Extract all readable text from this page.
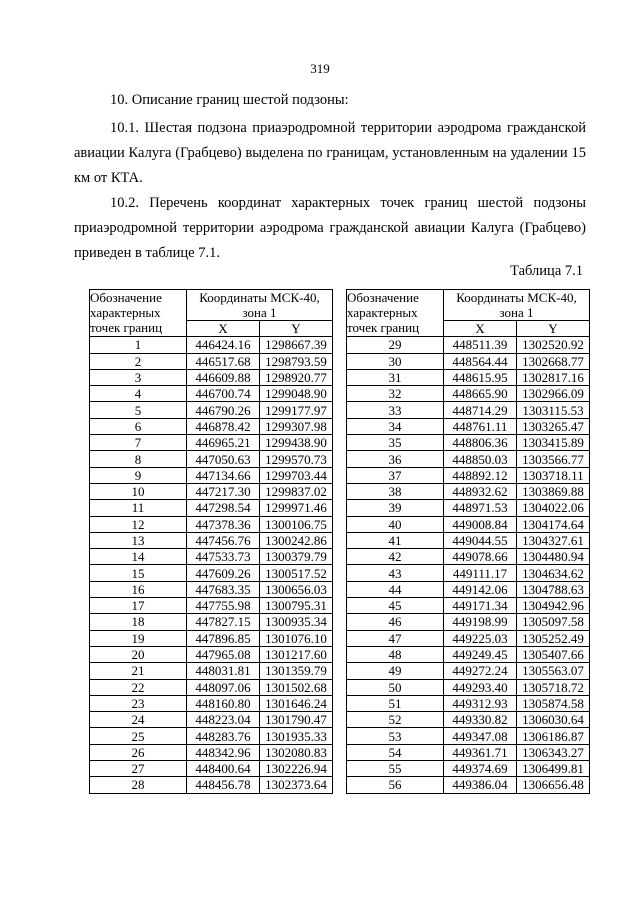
319
10. Описание границ шестой подзоны:
10.1. Шестая подзона приаэродромной территории аэродрома гражданской авиации Калуга (Грабцево) выделена по границам, установленным на удалении 15 км от КТА.
10.2. Перечень координат характерных точек границ шестой подзоны приаэродромной территории аэродрома гражданской авиации Калуга (Грабцево) приведен в таблице 7.1.
Таблица 7.1
Обозначение
характерных
точек границ	Координаты МСК-40,
зона 1	
	X	Y
1	446424.16	1298667.39
2	446517.68	1298793.59
3	446609.88	1298920.77
4	446700.74	1299048.90
5	446790.26	1299177.97
6	446878.42	1299307.98
7	446965.21	1299438.90
8	447050.63	1299570.73
9	447134.66	1299703.44
10	447217.30	1299837.02
11	447298.54	1299971.46
12	447378.36	1300106.75
13	447456.76	1300242.86
14	447533.73	1300379.79
15	447609.26	1300517.52
16	447683.35	1300656.03
17	447755.98	1300795.31
18	447827.15	1300935.34
19	447896.85	1301076.10
20	447965.08	1301217.60
21	448031.81	1301359.79
22	448097.06	1301502.68
23	448160.80	1301646.24
24	448223.04	1301790.47
25	448283.76	1301935.33
26	448342.96	1302080.83
27	448400.64	1302226.94
28	448456.78	1302373.64
Обозначение
характерных
точек границ	Координаты МСК-40,
зона 1	
	X	Y
29	448511.39	1302520.92
30	448564.44	1302668.77
31	448615.95	1302817.16
32	448665.90	1302966.09
33	448714.29	1303115.53
34	448761.11	1303265.47
35	448806.36	1303415.89
36	448850.03	1303566.77
37	448892.12	1303718.11
38	448932.62	1303869.88
39	448971.53	1304022.06
40	449008.84	1304174.64
41	449044.55	1304327.61
42	449078.66	1304480.94
43	449111.17	1304634.62
44	449142.06	1304788.63
45	449171.34	1304942.96
46	449198.99	1305097.58
47	449225.03	1305252.49
48	449249.45	1305407.66
49	449272.24	1305563.07
50	449293.40	1305718.72
51	449312.93	1305874.58
52	449330.82	1306030.64
53	449347.08	1306186.87
54	449361.71	1306343.27
55	449374.69	1306499.81
56	449386.04	1306656.48
